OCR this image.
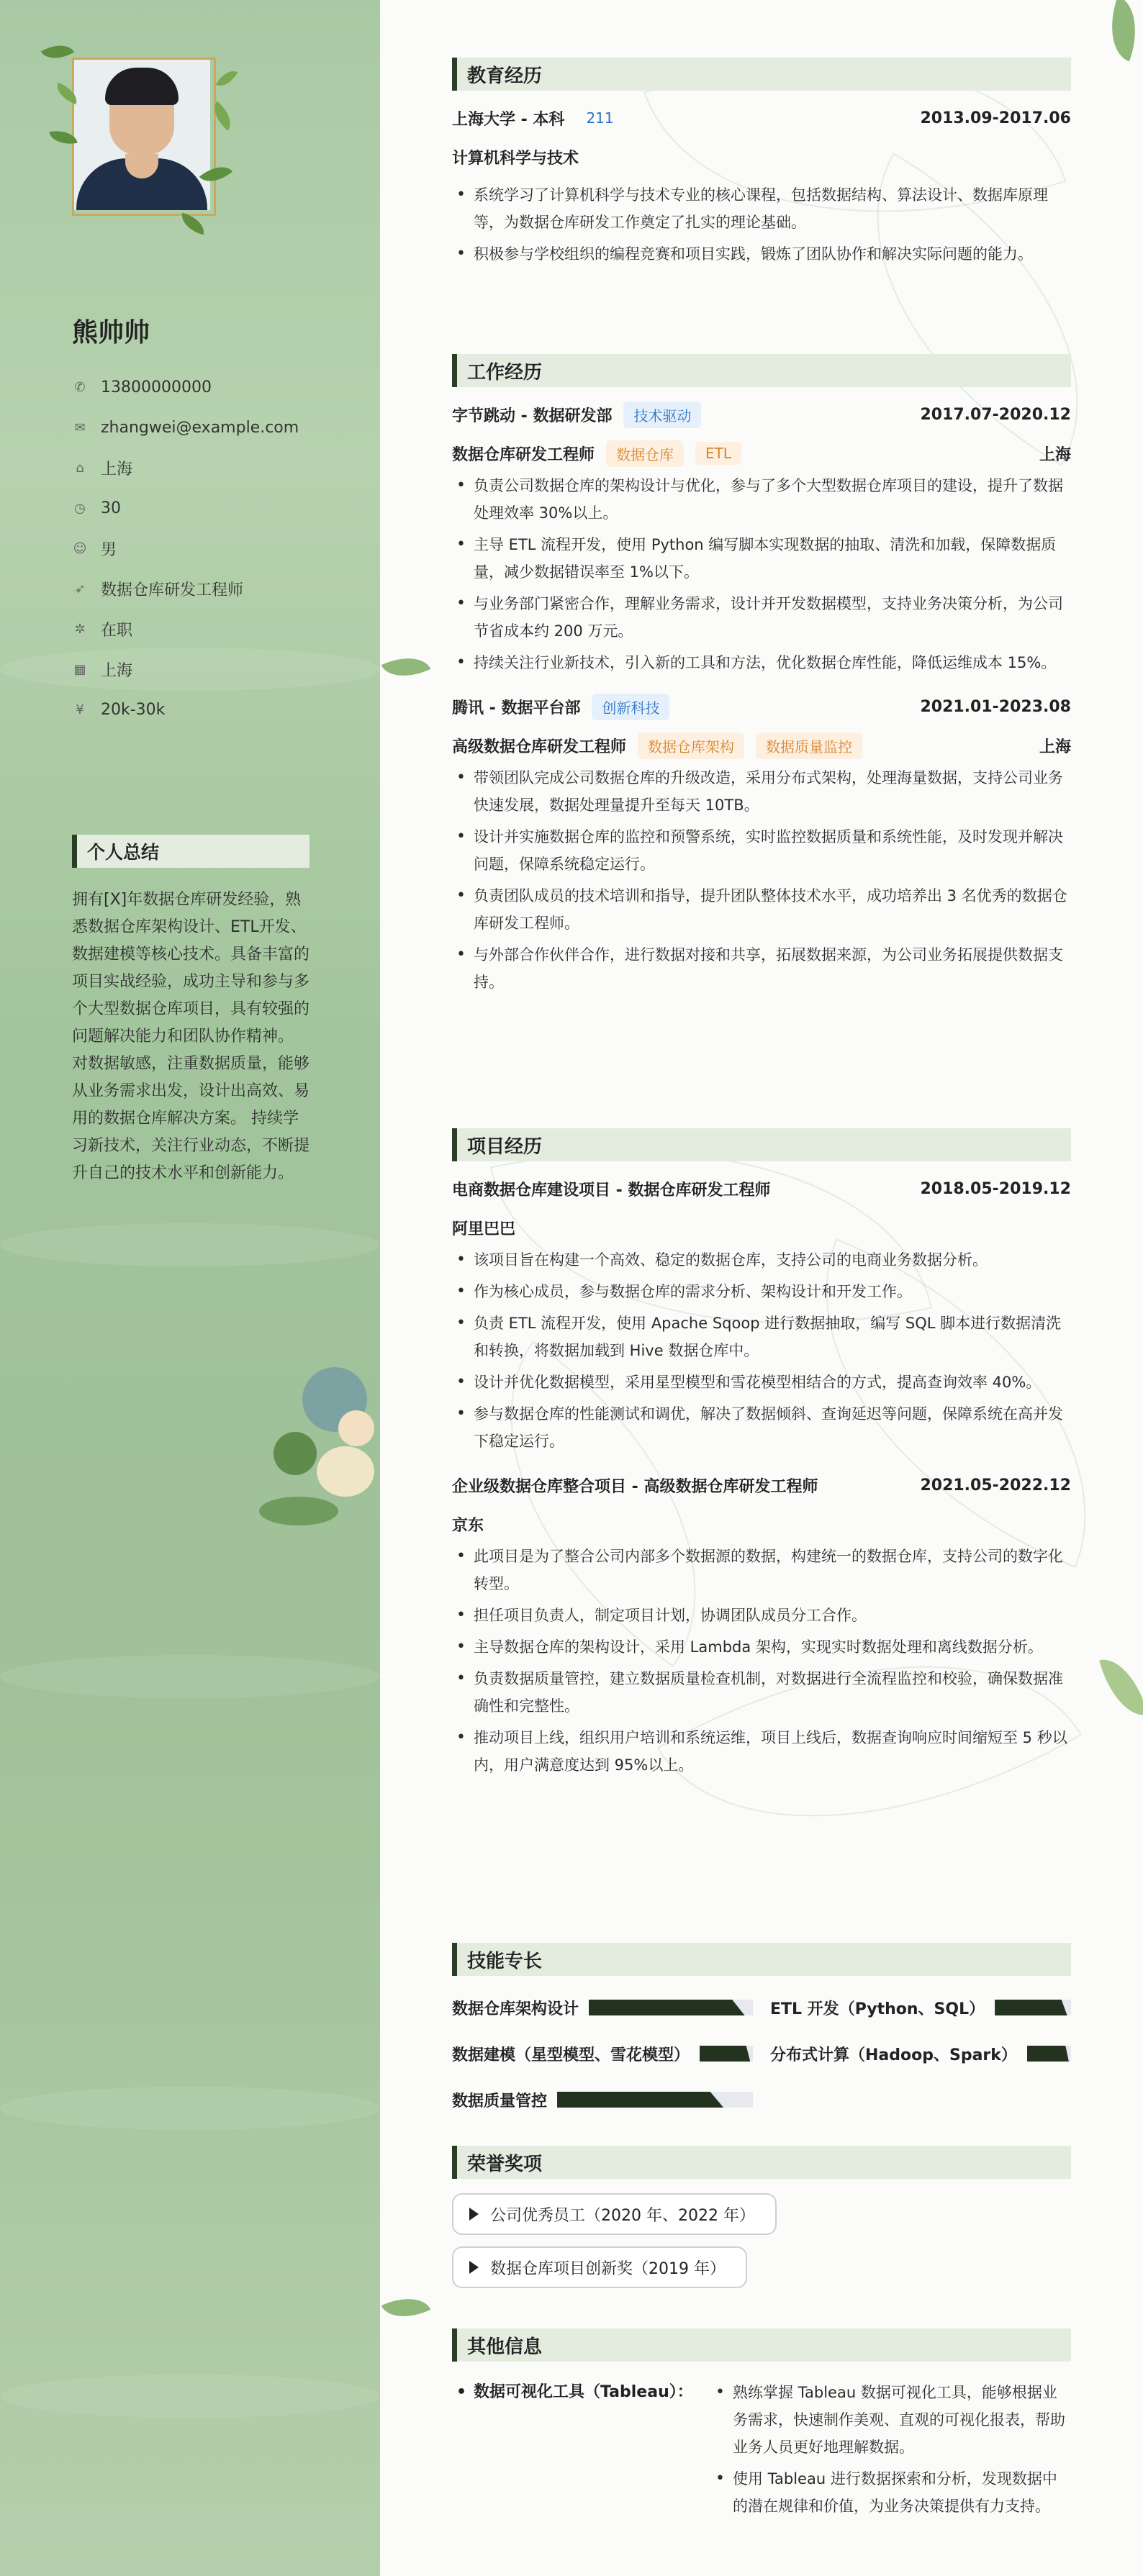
熊帅帅
✆ 13800000000
✉ zhangwei@example.com
⌂ 上海
◷ 30
☺ 男
➶ 数据仓库研发工程师
✲ 在职
▦ 上海
¥ 20k-30k
个人总结
拥有[X]年数据仓库研发经验，熟悉数据仓库架构设计、ETL开发、数据建模等核心技术。具备丰富的项目实战经验，成功主导和参与多个大型数据仓库项目，具有较强的问题解决能力和团队协作精神。 对数据敏感，注重数据质量，能够从业务需求出发，设计出高效、易用的数据仓库解决方案。 持续学习新技术，关注行业动态，不断提升自己的技术水平和创新能力。
教育经历
上海大学 - 本科	211	2013.09-2017.06
计算机科学与技术
• 系统学习了计算机科学与技术专业的核心课程，包括数据结构、算法设计、数据库原理等，为数据仓库研发工作奠定了扎实的理论基础。
• 积极参与学校组织的编程竞赛和项目实践，锻炼了团队协作和解决实际问题的能力。
工作经历
字节跳动 - 数据研发部	技术驱动	2017.07-2020.12
数据仓库研发工程师	数据仓库	ETL	上海
• 负责公司数据仓库的架构设计与优化，参与了多个大型数据仓库项目的建设，提升了数据处理效率 30%以上。
• 主导 ETL 流程开发，使用 Python 编写脚本实现数据的抽取、清洗和加载，保障数据质量，减少数据错误率至 1%以下。
• 与业务部门紧密合作，理解业务需求，设计并开发数据模型，支持业务决策分析，为公司节省成本约 200 万元。
• 持续关注行业新技术，引入新的工具和方法，优化数据仓库性能，降低运维成本 15%。
腾讯 - 数据平台部	创新科技	2021.01-2023.08
高级数据仓库研发工程师	数据仓库架构	数据质量监控	上海
• 带领团队完成公司数据仓库的升级改造，采用分布式架构，处理海量数据，支持公司业务快速发展，数据处理量提升至每天 10TB。
• 设计并实施数据仓库的监控和预警系统，实时监控数据质量和系统性能，及时发现并解决问题，保障系统稳定运行。
• 负责团队成员的技术培训和指导，提升团队整体技术水平，成功培养出 3 名优秀的数据仓库研发工程师。
• 与外部合作伙伴合作，进行数据对接和共享，拓展数据来源，为公司业务拓展提供数据支持。
项目经历
电商数据仓库建设项目 - 数据仓库研发工程师	2018.05-2019.12
阿里巴巴
• 该项目旨在构建一个高效、稳定的数据仓库，支持公司的电商业务数据分析。
• 作为核心成员，参与数据仓库的需求分析、架构设计和开发工作。
• 负责 ETL 流程开发，使用 Apache Sqoop 进行数据抽取，编写 SQL 脚本进行数据清洗和转换，将数据加载到 Hive 数据仓库中。
• 设计并优化数据模型，采用星型模型和雪花模型相结合的方式，提高查询效率 40%。
• 参与数据仓库的性能测试和调优，解决了数据倾斜、查询延迟等问题，保障系统在高并发下稳定运行。
企业级数据仓库整合项目 - 高级数据仓库研发工程师	2021.05-2022.12
京东
• 此项目是为了整合公司内部多个数据源的数据，构建统一的数据仓库，支持公司的数字化转型。
• 担任项目负责人，制定项目计划，协调团队成员分工合作。
• 主导数据仓库的架构设计，采用 Lambda 架构，实现实时数据处理和离线数据分析。
• 负责数据质量管控，建立数据质量检查机制，对数据进行全流程监控和校验，确保数据准确性和完整性。
• 推动项目上线，组织用户培训和系统运维，项目上线后，数据查询响应时间缩短至 5 秒以内，用户满意度达到 95%以上。
技能专长
数据仓库架构设计	ETL 开发（Python、SQL）
数据建模（星型模型、雪花模型）	分布式计算（Hadoop、Spark）
数据质量管控
荣誉奖项
公司优秀员工（2020 年、2022 年）
数据仓库项目创新奖（2019 年）
其他信息
• 数据可视化工具（Tableau）：
•	熟练掌握 Tableau 数据可视化工具，能够根据业务需求，快速制作美观、直观的可视化报表，帮助业务人员更好地理解数据。
• 使用 Tableau 进行数据探索和分析，发现数据中的潜在规律和价值，为业务决策提供有力支持。
